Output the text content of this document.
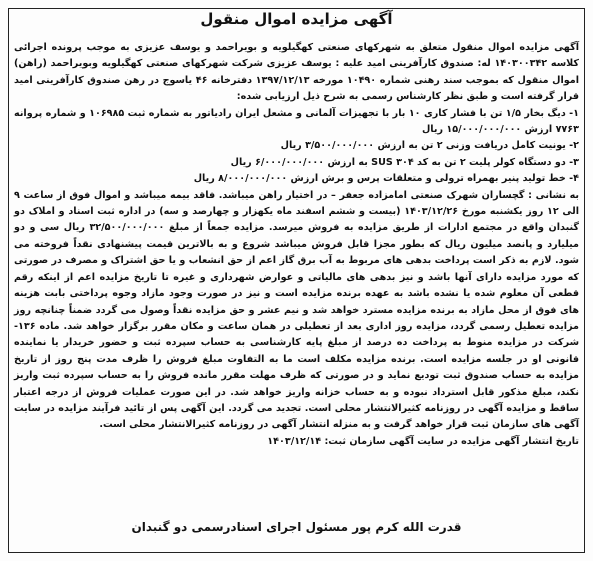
آگهی مزایده اموال منقول

آگهی مزایده اموال منقول متعلق به شهرکهای صنعتی کهگیلویه و بویراحمد و یوسف عزیزی به موجب پرونده اجرائی کلاسه ۱۴۰۳۰۰۳۴۲ له: صندوق کارآفرینی امید علیه : یوسف عزیزی شرکت شهرکهای صنعتی کهگیلویه وبویراحمد (راهن) اموال منقول که بموجب سند رهنی شماره ۱۰۴۹۰ مورخه ۱۳۹۷/۱۲/۱۳ دفترخانه ۴۶ یاسوج در رهن صندوق کارآفرینی امید قرار گرفته است و طبق نظر کارشناس رسمی به شرح ذیل ارزیابی شده:

۱- دیگ بخار ۱/۵ تن با فشار کاری ۱۰ بار با تجهیزات آلمانی و مشعل ایران رادیاتور به شماره ثبت ۱۰۶۹۸۵ و شماره پروانه ۷۷۶۳ ارزش ۱۵/۰۰۰/۰۰۰/۰۰۰ ریال

۲- یونیت کامل دریافت وزنی ۲ تن به ارزش ۳/۵۰۰/۰۰۰/۰۰۰ ریال

۳- دو دستگاه کولر پلیت ۲ تن به کد SUS ۳۰۴ به ارزش ۶/۰۰۰/۰۰۰/۰۰۰ ریال

۴- خط تولید پنیر بهمراه ترولی و متعلقات پرس و برش ارزش ۸/۰۰۰/۰۰۰/۰۰۰ ریال

به نشانی : گچساران شهرک صنعتی امامزاده جعفر – در اختیار راهن میباشد. فاقد بیمه میباشد و اموال فوق از ساعت ۹ الی ۱۲ روز یکشنبه مورخ ۱۴۰۳/۱۲/۲۶ (بیست و ششم اسفند ماه یکهزار و چهارصد و سه) در اداره ثبت اسناد و املاک دو گنبدان واقع در مجتمع ادارات از طریق مزایده به فروش میرسد. مزایده جمعاً از مبلغ ۳۲/۵۰۰/۰۰۰/۰۰۰ ریال سی و دو میلیارد و پانصد میلیون ریال که بطور مجزا قابل فروش میباشد شروع و به بالاترین قیمت پیشنهادی نقداً فروخته می شود. لازم به ذکر است پرداخت بدهی های مربوط به آب برق گاز اعم از حق انشعاب و یا حق اشتراک و مصرف در صورتی که مورد مزایده دارای آنها باشد و نیز بدهی های مالیاتی و عوارض شهرداری و غیره تا تاریخ مزایده اعم از اینکه رقم قطعی آن معلوم شده یا نشده باشد به عهده برنده مزایده است و نیز در صورت وجود مازاد وجوه پرداختی بابت هزینه های فوق از محل مازاد به برنده مزایده مسترد خواهد شد و نیم عشر و حق مزایده نقداً وصول می گردد ضمناً چنانچه روز مزایده تعطیل رسمی گردد، مزایده روز اداری بعد از تعطیلی در همان ساعت و مکان مقرر برگزار خواهد شد. ماده ۱۳۶- شرکت در مزایده منوط به پرداخت ده درصد از مبلغ پایه کارشناسی به حساب سپرده ثبت و حضور خریدار یا نماینده قانونی او در جلسه مزایده است. برنده مزایده مکلف است ما به التفاوت مبلغ فروش را ظرف مدت پنج روز از تاریخ مزایده به حساب صندوق ثبت تودیع نماید و در صورتی که ظرف مهلت مقرر مانده فروش را به حساب سپرده ثبت واریز نکند، مبلغ مذکور قابل استرداد نبوده و به حساب خزانه واریز خواهد شد. در این صورت عملیات فروش از درجه اعتبار ساقط و مزایده آگهی در روزنامه کثیرالانتشار محلی است. تجدید می گردد. این آگهی پس از تائید فرآیند مزایده در سایت آگهی های سازمان ثبت قرار خواهد گرفت و به منزله انتشار آگهی در روزنامه کثیرالانتشار محلی است.

تاریخ انتشار آگهی مزایده در سایت آگهی سازمان ثبت: ۱۴۰۳/۱۲/۱۴

قدرت الله کرم پور مسئول اجرای اسنادرسمی دو گنبدان
